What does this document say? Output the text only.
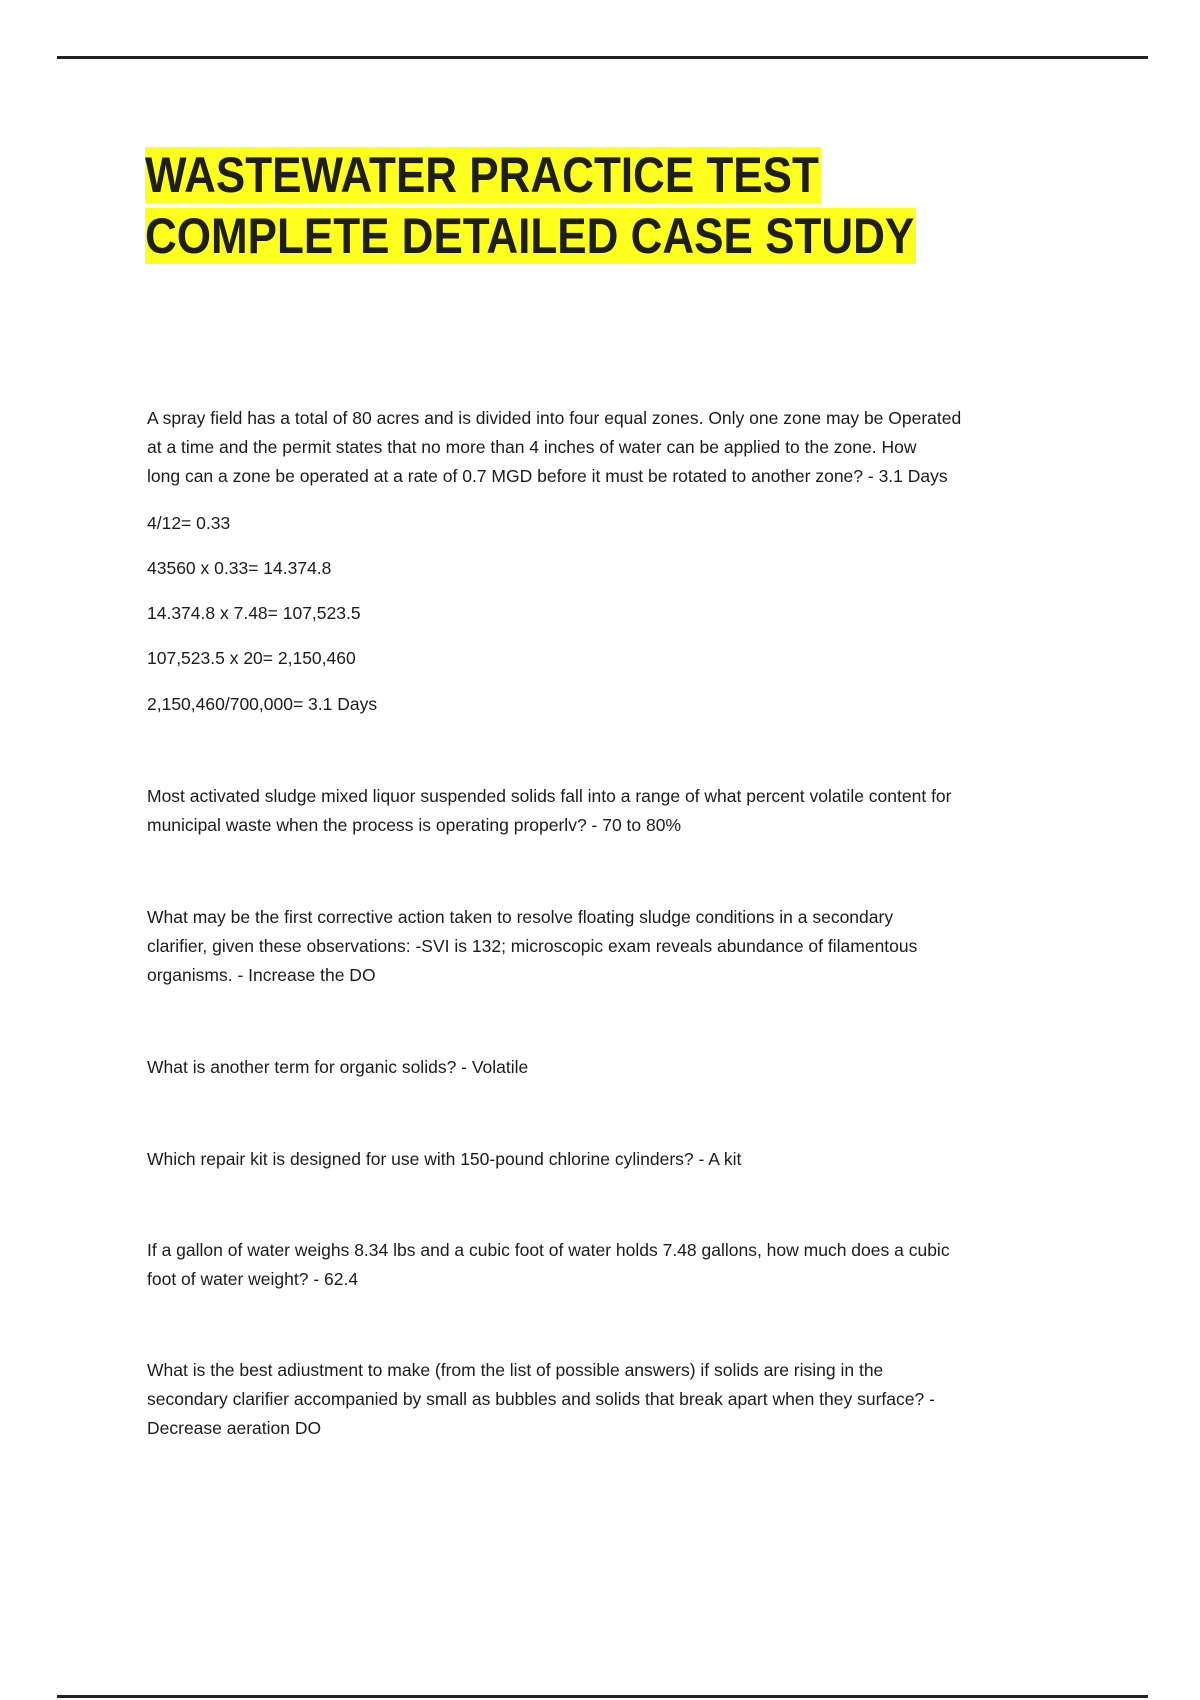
WASTEWATER PRACTICE TEST
COMPLETE DETAILED CASE STUDY
A spray field has a total of 80 acres and is divided into four equal zones. Only one zone may be Operated
at a time and the permit states that no more than 4 inches of water can be applied to the zone. How
long can a zone be operated at a rate of 0.7 MGD before it must be rotated to another zone? - 3.1 Days
4/12= 0.33
43560 x 0.33= 14.374.8
14.374.8 x 7.48= 107,523.5
107,523.5 x 20= 2,150,460
2,150,460/700,000= 3.1 Days
Most activated sludge mixed liquor suspended solids fall into a range of what percent volatile content for
municipal waste when the process is operating properlv? - 70 to 80%
What may be the first corrective action taken to resolve floating sludge conditions in a secondary
clarifier, given these observations: -SVI is 132; microscopic exam reveals abundance of filamentous
organisms. - Increase the DO
What is another term for organic solids? - Volatile
Which repair kit is designed for use with 150-pound chlorine cylinders? - A kit
If a gallon of water weighs 8.34 lbs and a cubic foot of water holds 7.48 gallons, how much does a cubic
foot of water weight? - 62.4
What is the best adiustment to make (from the list of possible answers) if solids are rising in the
secondary clarifier accompanied by small as bubbles and solids that break apart when they surface? -
Decrease aeration DO
